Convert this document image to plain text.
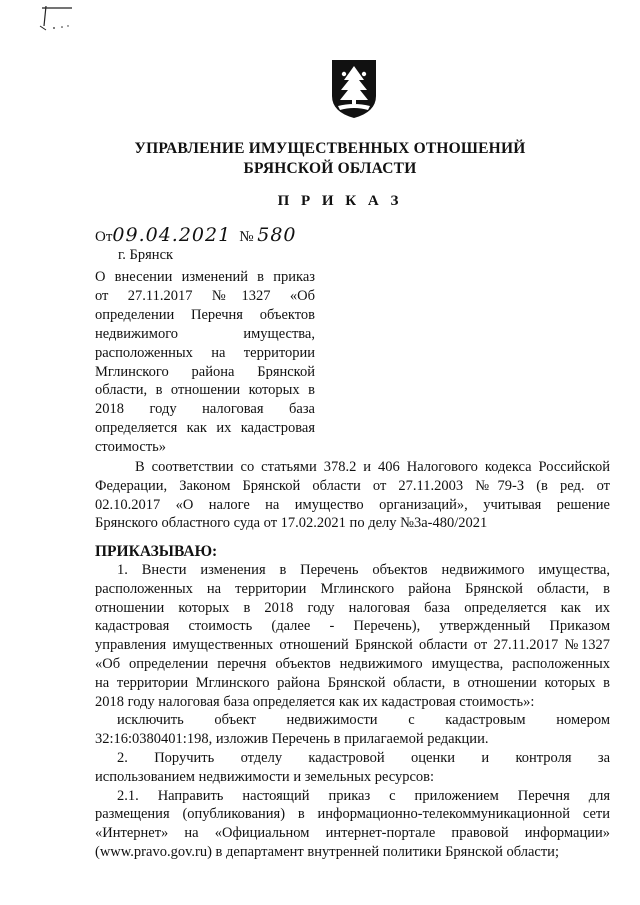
УПРАВЛЕНИЕ ИМУЩЕСТВЕННЫХ ОТНОШЕНИЙ
БРЯНСКОЙ ОБЛАСТИ
П Р И К А З
От09.04.2021 № 580
г. Брянск
О внесении изменений в приказ
от 27.11.2017 №1327 «Об
определении Перечня объектов
недвижимого имущества,
расположенных на территории
Мглинского района Брянской
области, в отношении которых в
2018 году налоговая база
определяется как их кадастровая
стоимость»
В соответствии со статьями 378.2 и 406 Налогового кодекса Российской
Федерации, Законом Брянской области от 27.11.2003 №79-З (в ред. от
02.10.2017 «О налоге на имущество организаций», учитывая решение
Брянского областного суда от 17.02.2021 по делу №3а-480/2021
ПРИКАЗЫВАЮ:
1. Внести изменения в Перечень объектов недвижимого имущества,
расположенных на территории Мглинского района Брянской области, в
отношении которых в 2018 году налоговая база определяется как их
кадастровая стоимость (далее - Перечень), утвержденный Приказом
управления имущественных отношений Брянской области от 27.11.2017 №1327
«Об определении перечня объектов недвижимого имущества, расположенных
на территории Мглинского района Брянской области, в отношении которых в
2018 году налоговая база определяется как их кадастровая стоимость»:
исключить объект недвижимости с кадастровым номером
32:16:0380401:198, изложив Перечень в прилагаемой редакции.
2. Поручить отделу кадастровой оценки и контроля за
использованием недвижимости и земельных ресурсов:
2.1. Направить настоящий приказ с приложением Перечня для
размещения (опубликования) в информационно-телекоммуникационной сети
«Интернет» на «Официальном интернет-портале правовой информации»
(www.pravo.gov.ru) в департамент внутренней политики Брянской области;
